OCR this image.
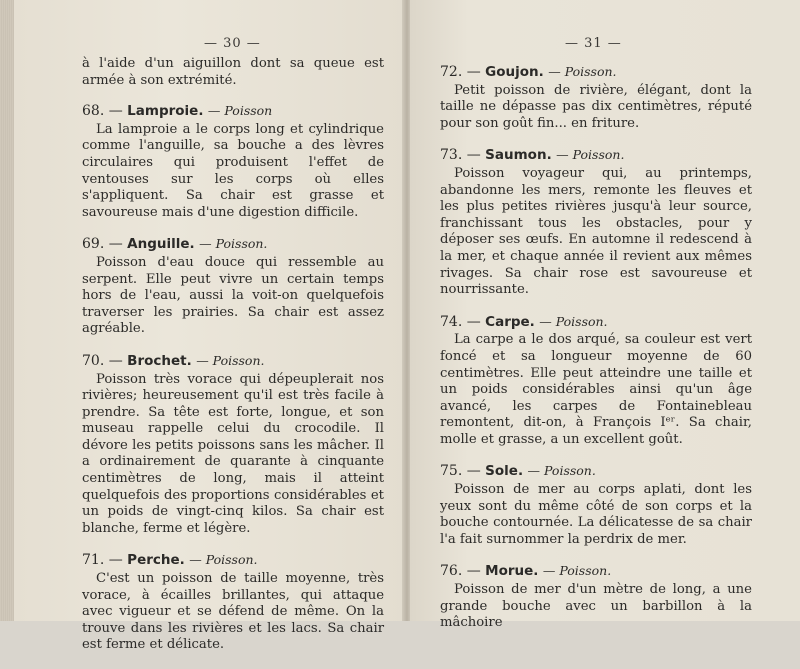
— 30 —

à l'aide d'un aiguillon dont sa queue est armée à son extrémité.

68. — Lamproie. — Poisson

La lamproie a le corps long et cylindrique comme l'anguille, sa bouche a des lèvres circulaires qui produisent l'effet de ventouses sur les corps où elles s'appliquent. Sa chair est grasse et savoureuse mais d'une digestion difficile.

69. — Anguille. — Poisson.

Poisson d'eau douce qui ressemble au serpent. Elle peut vivre un certain temps hors de l'eau, aussi la voit-on quelquefois traverser les prairies. Sa chair est assez agréable.

70. — Brochet. — Poisson.

Poisson très vorace qui dépeuplerait nos rivières; heureusement qu'il est très facile à prendre. Sa tête est forte, longue, et son museau rappelle celui du crocodile. Il dévore les petits poissons sans les mâcher. Il a ordinairement de quarante à cinquante centimètres de long, mais il atteint quelquefois des proportions considérables et un poids de vingt-cinq kilos. Sa chair est blanche, ferme et légère.

71. — Perche. — Poisson.

C'est un poisson de taille moyenne, très vorace, à écailles brillantes, qui attaque avec vigueur et se défend de même. On la trouve dans les rivières et les lacs. Sa chair est ferme et délicate.

— 31 —
72. — Goujon. — Poisson.

Petit poisson de rivière, élégant, dont la taille ne dépasse pas dix centimètres, réputé pour son goût fin... en friture.

73. — Saumon. — Poisson.

Poisson voyageur qui, au printemps, abandonne les mers, remonte les fleuves et les plus petites rivières jusqu'à leur source, franchissant tous les obstacles, pour y déposer ses œufs. En automne il redescend à la mer, et chaque année il revient aux mêmes rivages. Sa chair rose est savoureuse et nourrissante.

74. — Carpe. — Poisson.

La carpe a le dos arqué, sa couleur est vert foncé et sa longueur moyenne de 60 centimètres. Elle peut atteindre une taille et un poids considérables ainsi qu'un âge avancé, les carpes de Fontainebleau remontent, dit-on, à François Iᵉʳ. Sa chair, molle et grasse, a un excellent goût.

75. — Sole. — Poisson.

Poisson de mer au corps aplati, dont les yeux sont du même côté de son corps et la bouche contournée. La délicatesse de sa chair l'a fait surnommer la perdrix de mer.

76. — Morue. — Poisson.

Poisson de mer d'un mètre de long, a une grande bouche avec un barbillon à la mâchoire
